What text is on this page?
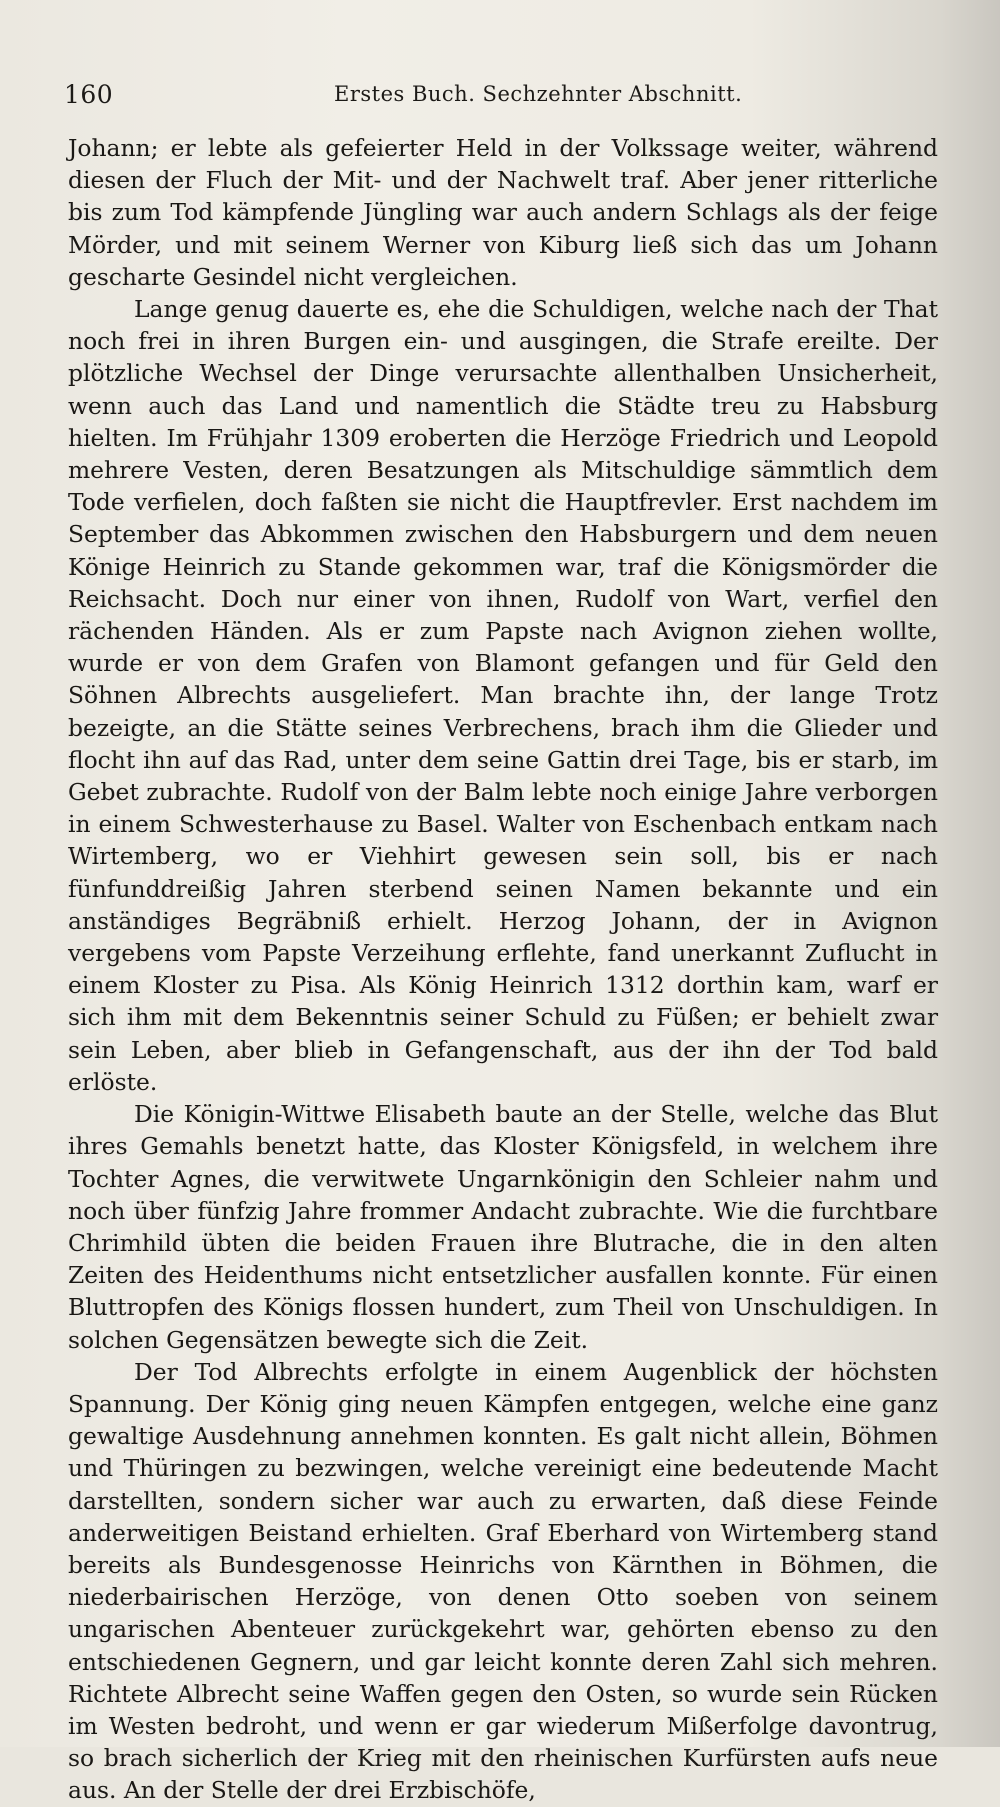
160	Erstes Buch. Sechzehnter Abschnitt.

Johann; er lebte als gefeierter Held in der Volkssage weiter, während diesen der Fluch der Mit- und der Nachwelt traf. Aber jener ritterliche bis zum Tod kämpfende Jüngling war auch andern Schlags als der feige Mörder, und mit seinem Werner von Kiburg ließ sich das um Johann gescharte Gesindel nicht vergleichen.

Lange genug dauerte es, ehe die Schuldigen, welche nach der That noch frei in ihren Burgen ein- und ausgingen, die Strafe ereilte. Der plötzliche Wechsel der Dinge verursachte allenthalben Unsicherheit, wenn auch das Land und namentlich die Städte treu zu Habsburg hielten. Im Frühjahr 1309 eroberten die Herzöge Friedrich und Leopold mehrere Vesten, deren Besatzungen als Mitschuldige sämmtlich dem Tode verfielen, doch faßten sie nicht die Hauptfrevler. Erst nachdem im September das Abkommen zwischen den Habsburgern und dem neuen Könige Heinrich zu Stande gekommen war, traf die Königsmörder die Reichsacht. Doch nur einer von ihnen, Rudolf von Wart, verfiel den rächenden Händen. Als er zum Papste nach Avignon ziehen wollte, wurde er von dem Grafen von Blamont gefangen und für Geld den Söhnen Albrechts ausgeliefert. Man brachte ihn, der lange Trotz bezeigte, an die Stätte seines Verbrechens, brach ihm die Glieder und flocht ihn auf das Rad, unter dem seine Gattin drei Tage, bis er starb, im Gebet zubrachte. Rudolf von der Balm lebte noch einige Jahre verborgen in einem Schwesterhause zu Basel. Walter von Eschenbach entkam nach Wirtemberg, wo er Viehhirt gewesen sein soll, bis er nach fünfunddreißig Jahren sterbend seinen Namen bekannte und ein anständiges Begräbniß erhielt. Herzog Johann, der in Avignon vergebens vom Papste Verzeihung erflehte, fand unerkannt Zuflucht in einem Kloster zu Pisa. Als König Heinrich 1312 dorthin kam, warf er sich ihm mit dem Bekenntnis seiner Schuld zu Füßen; er behielt zwar sein Leben, aber blieb in Gefangenschaft, aus der ihn der Tod bald erlöste.

Die Königin-Wittwe Elisabeth baute an der Stelle, welche das Blut ihres Gemahls benetzt hatte, das Kloster Königsfeld, in welchem ihre Tochter Agnes, die verwitwete Ungarnkönigin den Schleier nahm und noch über fünfzig Jahre frommer Andacht zubrachte. Wie die furchtbare Chrimhild übten die beiden Frauen ihre Blutrache, die in den alten Zeiten des Heidenthums nicht entsetzlicher ausfallen konnte. Für einen Bluttropfen des Königs flossen hundert, zum Theil von Unschuldigen. In solchen Gegensätzen bewegte sich die Zeit.

Der Tod Albrechts erfolgte in einem Augenblick der höchsten Spannung. Der König ging neuen Kämpfen entgegen, welche eine ganz gewaltige Ausdehnung annehmen konnten. Es galt nicht allein, Böhmen und Thüringen zu bezwingen, welche vereinigt eine bedeutende Macht darstellten, sondern sicher war auch zu erwarten, daß diese Feinde anderweitigen Beistand erhielten. Graf Eberhard von Wirtemberg stand bereits als Bundesgenosse Heinrichs von Kärnthen in Böhmen, die niederbairischen Herzöge, von denen Otto soeben von seinem ungarischen Abenteuer zurückgekehrt war, gehörten ebenso zu den entschiedenen Gegnern, und gar leicht konnte deren Zahl sich mehren. Richtete Albrecht seine Waffen gegen den Osten, so wurde sein Rücken im Westen bedroht, und wenn er gar wiederum Mißerfolge davontrug, so brach sicherlich der Krieg mit den rheinischen Kurfürsten aufs neue aus. An der Stelle der drei Erzbischöfe,
